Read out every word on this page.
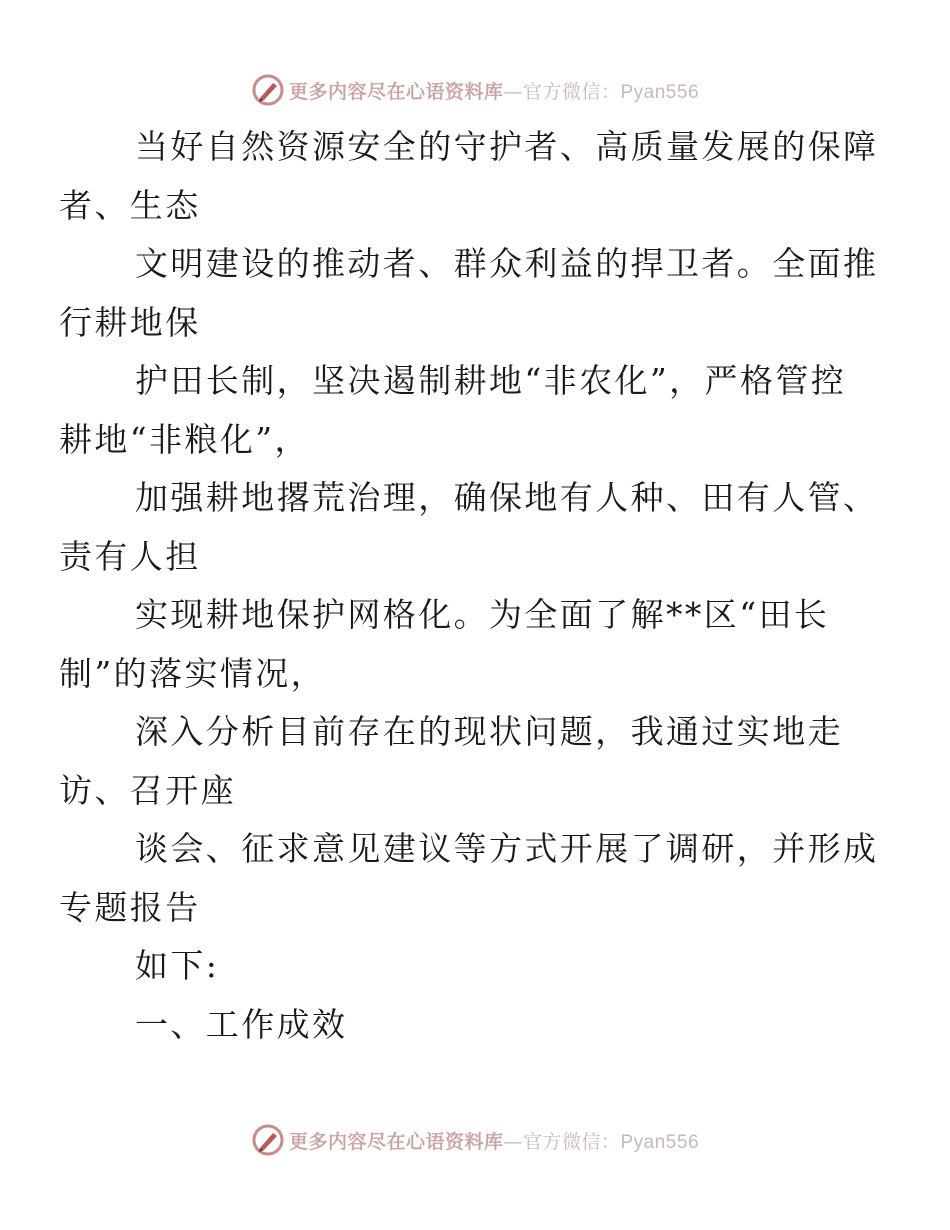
更多内容尽在心语资料库—官方微信：Pyan556

当好自然资源安全的守护者、高质量发展的保障
者、生态

文明建设的推动者、群众利益的捍卫者。全面推
行耕地保

护田长制，坚决遏制耕地“非农化”，严格管控
耕地“非粮化”，

加强耕地撂荒治理，确保地有人种、田有人管、
责有人担

实现耕地保护网格化。为全面了解**区“田长
制”的落实情况，

深入分析目前存在的现状问题，我通过实地走
访、召开座

谈会、征求意见建议等方式开展了调研，并形成
专题报告

如下:

一、工作成效

更多内容尽在心语资料库—官方微信：Pyan556
